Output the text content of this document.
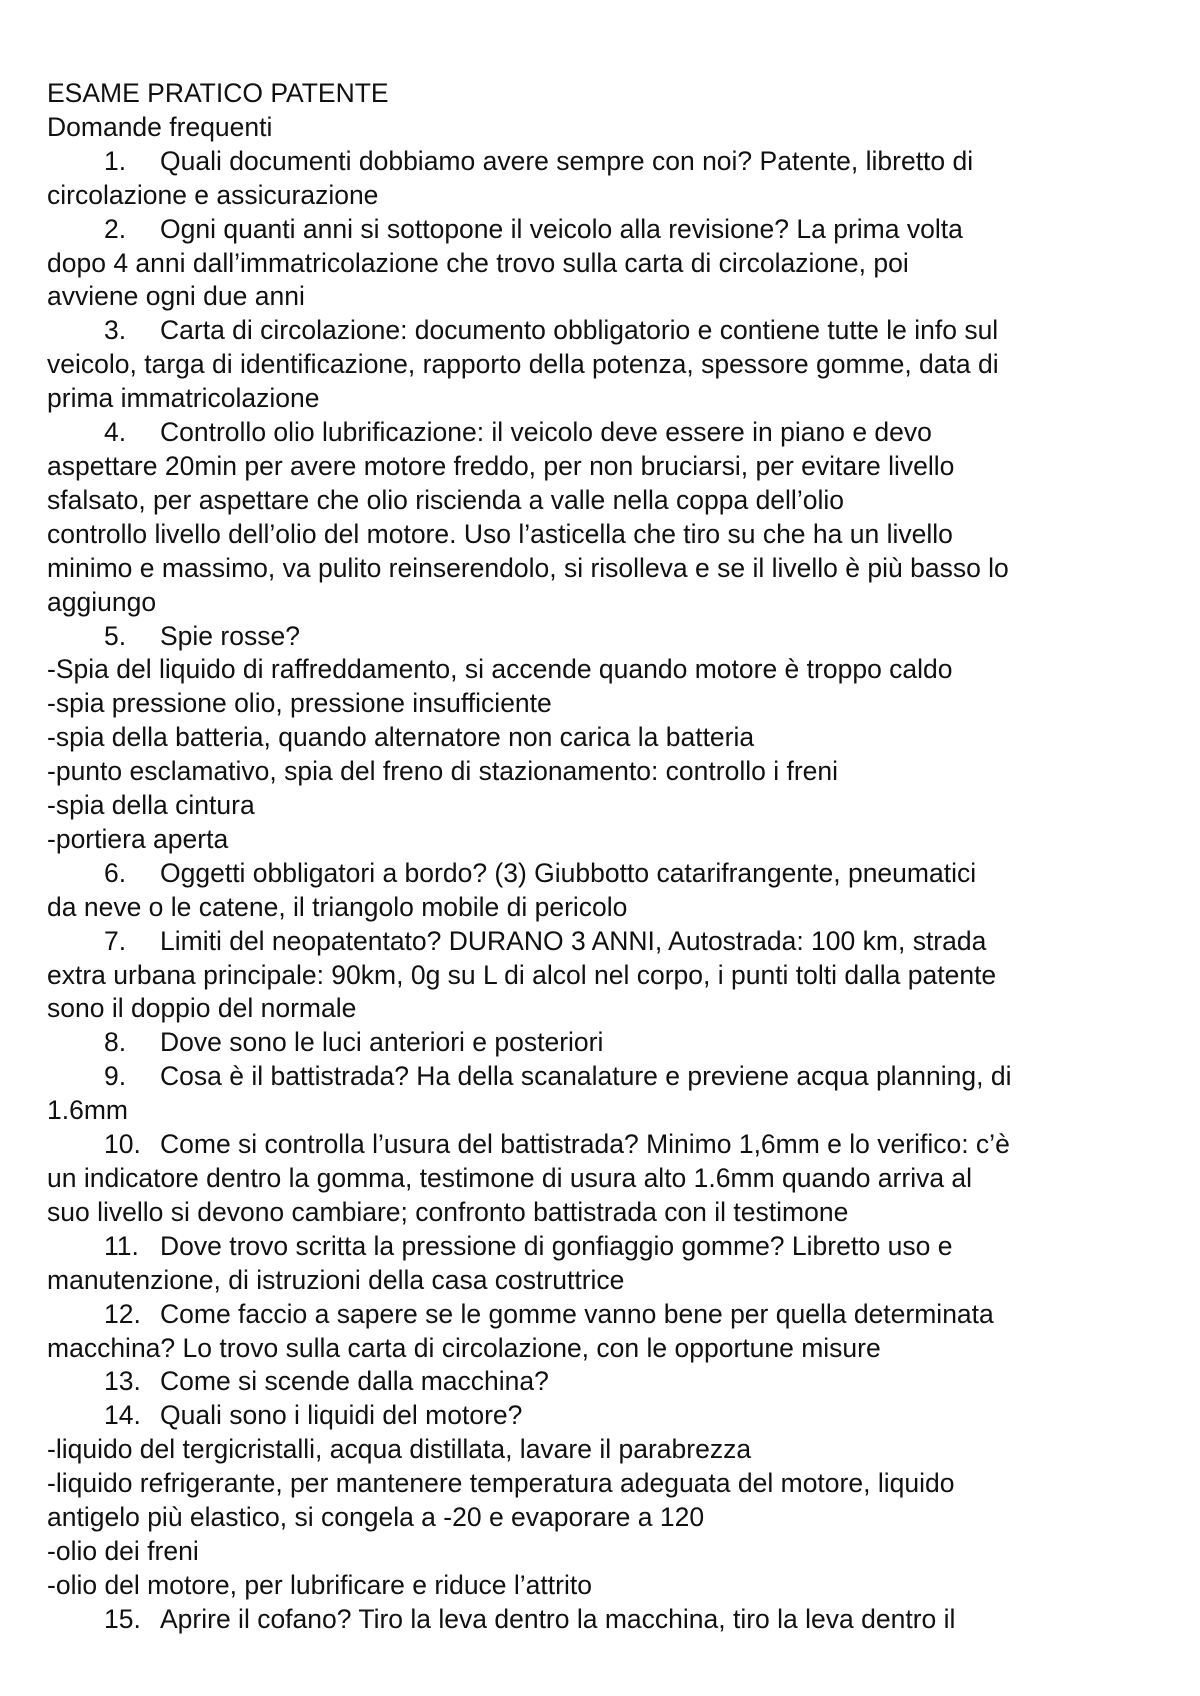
ESAME PRATICO PATENTE

Domande frequenti

1. Quali documenti dobbiamo avere sempre con noi? Patente, libretto di

circolazione e assicurazione

2. Ogni quanti anni si sottopone il veicolo alla revisione? La prima volta

dopo 4 anni dall’immatricolazione che trovo sulla carta di circolazione, poi

avviene ogni due anni

3. Carta di circolazione: documento obbligatorio e contiene tutte le info sul

veicolo, targa di identificazione, rapporto della potenza, spessore gomme, data di

prima immatricolazione

4. Controllo olio lubrificazione: il veicolo deve essere in piano e devo

aspettare 20min per avere motore freddo, per non bruciarsi, per evitare livello

sfalsato, per aspettare che olio riscienda a valle nella coppa dell’olio

controllo livello dell’olio del motore. Uso l’asticella che tiro su che ha un livello

minimo e massimo, va pulito reinserendolo, si risolleva e se il livello è più basso lo

aggiungo

5. Spie rosse?

-Spia del liquido di raffreddamento, si accende quando motore è troppo caldo

-spia pressione olio, pressione insufficiente

-spia della batteria, quando alternatore non carica la batteria

-punto esclamativo, spia del freno di stazionamento: controllo i freni

-spia della cintura

-portiera aperta

6. Oggetti obbligatori a bordo? (3) Giubbotto catarifrangente, pneumatici

da neve o le catene, il triangolo mobile di pericolo

7. Limiti del neopatentato? DURANO 3 ANNI, Autostrada: 100 km, strada

extra urbana principale: 90km, 0g su L di alcol nel corpo, i punti tolti dalla patente

sono il doppio del normale

8. Dove sono le luci anteriori e posteriori

9. Cosa è il battistrada? Ha della scanalature e previene acqua planning, di

1.6mm

10. Come si controlla l’usura del battistrada? Minimo 1,6mm e lo verifico: c’è

un indicatore dentro la gomma, testimone di usura alto 1.6mm quando arriva al

suo livello si devono cambiare; confronto battistrada con il testimone

11. Dove trovo scritta la pressione di gonfiaggio gomme? Libretto uso e

manutenzione, di istruzioni della casa costruttrice

12. Come faccio a sapere se le gomme vanno bene per quella determinata

macchina? Lo trovo sulla carta di circolazione, con le opportune misure

13. Come si scende dalla macchina?

14. Quali sono i liquidi del motore?

-liquido del tergicristalli, acqua distillata, lavare il parabrezza

-liquido refrigerante, per mantenere temperatura adeguata del motore, liquido

antigelo più elastico, si congela a -20 e evaporare a 120

-olio dei freni

-olio del motore, per lubrificare e riduce l’attrito

15. Aprire il cofano? Tiro la leva dentro la macchina, tiro la leva dentro il
